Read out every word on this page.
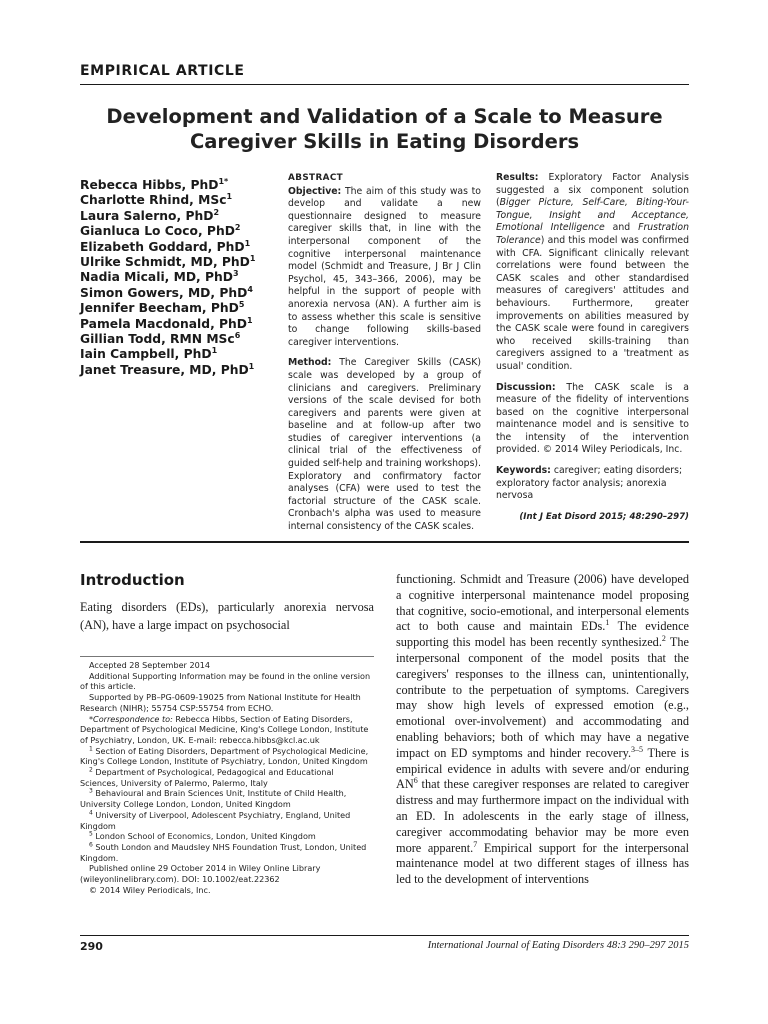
EMPIRICAL ARTICLE
Development and Validation of a Scale to Measure
Caregiver Skills in Eating Disorders
Rebecca Hibbs, PhD$^{1*}$
Charlotte Rhind, MSc$^1$
Laura Salerno, PhD$^2$
Gianluca Lo Coco, PhD$^2$
Elizabeth Goddard, PhD$^1$
Ulrike Schmidt, MD, PhD$^1$
Nadia Micali, MD, PhD$^3$
Simon Gowers, MD, PhD$^4$
Jennifer Beecham, PhD$^5$
Pamela Macdonald, PhD$^1$
Gillian Todd, RMN MSc$^6$
Iain Campbell, PhD$^1$
Janet Treasure, MD, PhD$^1$

ABSTRACT
Objective: The aim of this study was to develop and validate a new questionnaire designed to measure caregiver skills that, in line with the interpersonal component of the cognitive interpersonal maintenance model (Schmidt and Treasure, J Br J Clin Psychol, 45, 343–366, 2006), may be helpful in the support of people with anorexia nervosa (AN). A further aim is to assess whether this scale is sensitive to change following skills-based caregiver interventions.

Method: The Caregiver Skills (CASK) scale was developed by a group of clinicians and caregivers. Preliminary versions of the scale devised for both caregivers and parents were given at baseline and at follow-up after two studies of caregiver interventions (a clinical trial of the effectiveness of guided self-help and training workshops). Exploratory and confirmatory factor analyses (CFA) were used to test the factorial structure of the CASK scale. Cronbach's alpha was used to measure internal consistency of the CASK scales.

Results: Exploratory Factor Analysis suggested a six component solution (Bigger Picture, Self-Care, Biting-Your-Tongue, Insight and Acceptance, Emotional Intelligence and Frustration Tolerance) and this model was confirmed with CFA. Significant clinically relevant correlations were found between the CASK scales and other standardised measures of caregivers' attitudes and behaviours. Furthermore, greater improvements on abilities measured by the CASK scale were found in caregivers who received skills-training than caregivers assigned to a 'treatment as usual' condition.

Discussion: The CASK scale is a measure of the fidelity of interventions based on the cognitive interpersonal maintenance model and is sensitive to the intensity of the intervention provided. © 2014 Wiley Periodicals, Inc.

Keywords: caregiver; eating disorders; exploratory factor analysis; anorexia nervosa

(Int J Eat Disord 2015; 48:290–297)
Introduction

Eating disorders (EDs), particularly anorexia nervosa (AN), have a large impact on psychosocial

Accepted 28 September 2014

Additional Supporting Information may be found in the online version of this article.

Supported by PB–PG-0609-19025 from National Institute for Health Research (NIHR); 55754 CSP:55754 from ECHO.

*Correspondence to: Rebecca Hibbs, Section of Eating Disorders, Department of Psychological Medicine, King's College London, Institute of Psychiatry, London, UK. E-mail: rebecca.hibbs@kcl.ac.uk

$^1$ Section of Eating Disorders, Department of Psychological Medicine, King's College London, Institute of Psychiatry, London, United Kingdom

$^2$ Department of Psychological, Pedagogical and Educational Sciences, University of Palermo, Palermo, Italy

$^3$ Behavioural and Brain Sciences Unit, Institute of Child Health, University College London, London, United Kingdom

$^4$ University of Liverpool, Adolescent Psychiatry, England, United Kingdom

$^5$ London School of Economics, London, United Kingdom

$^6$ South London and Maudsley NHS Foundation Trust, London, United Kingdom.

Published online 29 October 2014 in Wiley Online Library (wileyonlinelibrary.com). DOI: 10.1002/eat.22362

© 2014 Wiley Periodicals, Inc.

functioning. Schmidt and Treasure (2006) have developed a cognitive interpersonal maintenance model proposing that cognitive, socio-emotional, and interpersonal elements act to both cause and maintain EDs.$^1$ The evidence supporting this model has been recently synthesized.$^2$ The interpersonal component of the model posits that the caregivers' responses to the illness can, unintentionally, contribute to the perpetuation of symptoms. Caregivers may show high levels of expressed emotion (e.g., emotional over-involvement) and accommodating and enabling behaviors; both of which may have a negative impact on ED symptoms and hinder recovery.$^{3-5}$ There is empirical evidence in adults with severe and/or enduring $AN^6$ that these caregiver responses are related to caregiver distress and may furthermore impact on the individual with an ED. In adolescents in the early stage of illness, caregiver accommodating behavior may be more even more apparent.$^7$ Empirical support for the interpersonal maintenance model at two different stages of illness has led to the development of interventions

290	International Journal of Eating Disorders 48:3 290–297 2015
